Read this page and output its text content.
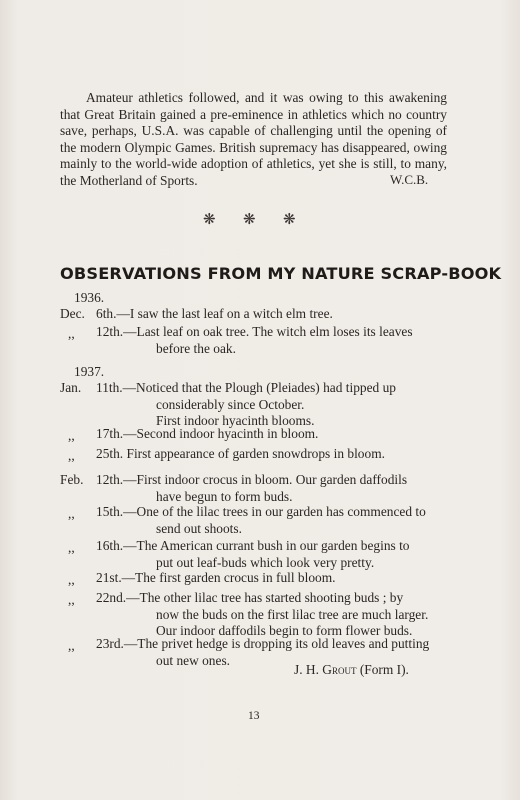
Amateur athletics followed, and it was owing to this awakening that Great Britain gained a pre-eminence in athletics which no country save, perhaps, U.S.A. was capable of challenging until the opening of the modern Olympic Games. British supremacy has disappeared, owing mainly to the world-wide adoption of athletics, yet she is still, to many, the Motherland of Sports.	W.C.B.
❋ ❋ ❋
OBSERVATIONS FROM MY NATURE SCRAP-BOOK
1936.
Dec. 6th.—I saw the last leaf on a witch elm tree.
,, 12th.—Last leaf on oak tree. The witch elm loses its leaves
before the oak.
1937.
Jan. 11th.—Noticed that the Plough (Pleiades) had tipped up
considerably since October.
First indoor hyacinth blooms.
,, 17th.—Second indoor hyacinth in bloom.
,, 25th. First appearance of garden snowdrops in bloom.
Feb. 12th.—First indoor crocus in bloom. Our garden daffodils
have begun to form buds.
,, 15th.—One of the lilac trees in our garden has commenced to
send out shoots.
,, 16th.—The American currant bush in our garden begins to
put out leaf-buds which look very pretty.
,, 21st.—The first garden crocus in full bloom.
,, 22nd.—The other lilac tree has started shooting buds ; by
now the buds on the first lilac tree are much larger.
Our indoor daffodils begin to form flower buds.
,, 23rd.—The privet hedge is dropping its old leaves and putting
out new ones.
J. H. Grout (Form I).
13
